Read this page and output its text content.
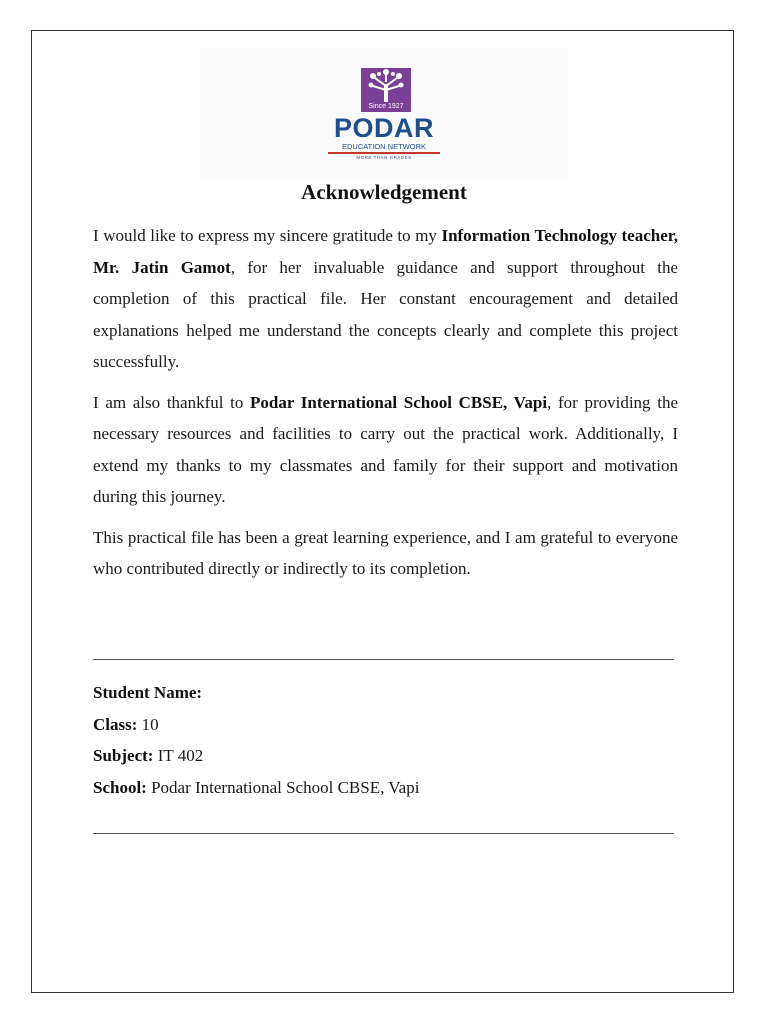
Since 1927
PODAR
EDUCATION NETWORK
MORE THAN GRADES
Acknowledgement

I would like to express my sincere gratitude to my Information Technology teacher, Mr. Jatin Gamot, for her invaluable guidance and support throughout the completion of this practical file. Her constant encouragement and detailed explanations helped me understand the concepts clearly and complete this project successfully.

I am also thankful to Podar International School CBSE, Vapi, for providing the necessary resources and facilities to carry out the practical work. Additionally, I extend my thanks to my classmates and family for their support and motivation during this journey.

This practical file has been a great learning experience, and I am grateful to everyone who contributed directly or indirectly to its completion.

Student Name:
Class: 10
Subject: IT 402
School: Podar International School CBSE, Vapi
